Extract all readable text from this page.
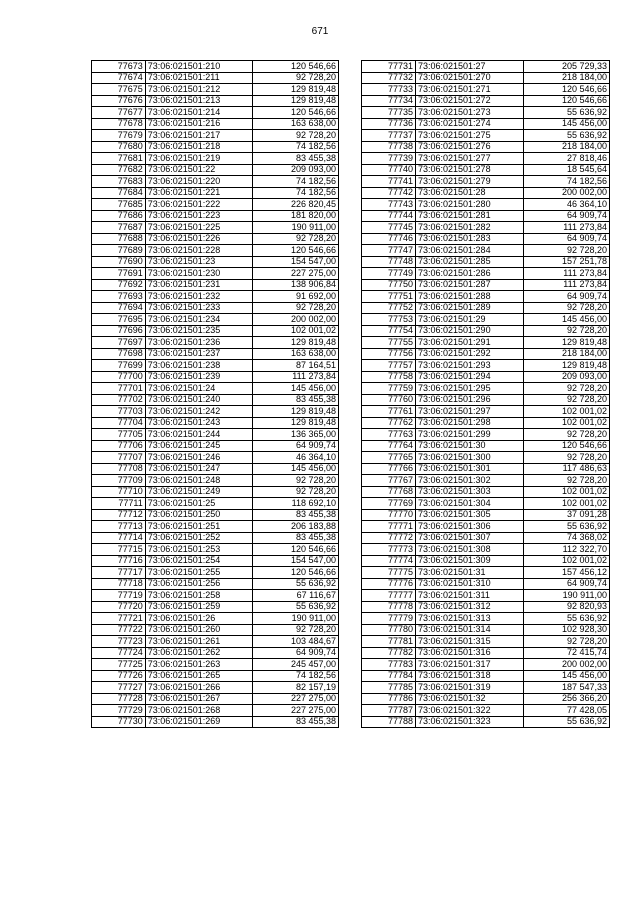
671
77673	73:06:021501:210	120 546,66
77674	73:06:021501:211	92 728,20
77675	73:06:021501:212	129 819,48
77676	73:06:021501:213	129 819,48
77677	73:06:021501:214	120 546,66
77678	73:06:021501:216	163 638,00
77679	73:06:021501:217	92 728,20
77680	73:06:021501:218	74 182,56
77681	73:06:021501:219	83 455,38
77682	73:06:021501:22	209 093,00
77683	73:06:021501:220	74 182,56
77684	73:06:021501:221	74 182,56
77685	73:06:021501:222	226 820,45
77686	73:06:021501:223	181 820,00
77687	73:06:021501:225	190 911,00
77688	73:06:021501:226	92 728,20
77689	73:06:021501:228	120 546,66
77690	73:06:021501:23	154 547,00
77691	73:06:021501:230	227 275,00
77692	73:06:021501:231	138 906,84
77693	73:06:021501:232	91 692,00
77694	73:06:021501:233	92 728,20
77695	73:06:021501:234	200 002,00
77696	73:06:021501:235	102 001,02
77697	73:06:021501:236	129 819,48
77698	73:06:021501:237	163 638,00
77699	73:06:021501:238	87 164,51
77700	73:06:021501:239	111 273,84
77701	73:06:021501:24	145 456,00
77702	73:06:021501:240	83 455,38
77703	73:06:021501:242	129 819,48
77704	73:06:021501:243	129 819,48
77705	73:06:021501:244	136 365,00
77706	73:06:021501:245	64 909,74
77707	73:06:021501:246	46 364,10
77708	73:06:021501:247	145 456,00
77709	73:06:021501:248	92 728,20
77710	73:06:021501:249	92 728,20
77711	73:06:021501:25	118 692,10
77712	73:06:021501:250	83 455,38
77713	73:06:021501:251	206 183,88
77714	73:06:021501:252	83 455,38
77715	73:06:021501:253	120 546,66
77716	73:06:021501:254	154 547,00
77717	73:06:021501:255	120 546,66
77718	73:06:021501:256	55 636,92
77719	73:06:021501:258	67 116,67
77720	73:06:021501:259	55 636,92
77721	73:06:021501:26	190 911,00
77722	73:06:021501:260	92 728,20
77723	73:06:021501:261	103 484,67
77724	73:06:021501:262	64 909,74
77725	73:06:021501:263	245 457,00
77726	73:06:021501:265	74 182,56
77727	73:06:021501:266	82 157,19
77728	73:06:021501:267	227 275,00
77729	73:06:021501:268	227 275,00
77730	73:06:021501:269	83 455,38
77731	73:06:021501:27	205 729,33
77732	73:06:021501:270	218 184,00
77733	73:06:021501:271	120 546,66
77734	73:06:021501:272	120 546,66
77735	73:06:021501:273	55 636,92
77736	73:06:021501:274	145 456,00
77737	73:06:021501:275	55 636,92
77738	73:06:021501:276	218 184,00
77739	73:06:021501:277	27 818,46
77740	73:06:021501:278	18 545,64
77741	73:06:021501:279	74 182,56
77742	73:06:021501:28	200 002,00
77743	73:06:021501:280	46 364,10
77744	73:06:021501:281	64 909,74
77745	73:06:021501:282	111 273,84
77746	73:06:021501:283	64 909,74
77747	73:06:021501:284	92 728,20
77748	73:06:021501:285	157 251,78
77749	73:06:021501:286	111 273,84
77750	73:06:021501:287	111 273,84
77751	73:06:021501:288	64 909,74
77752	73:06:021501:289	92 728,20
77753	73:06:021501:29	145 456,00
77754	73:06:021501:290	92 728,20
77755	73:06:021501:291	129 819,48
77756	73:06:021501:292	218 184,00
77757	73:06:021501:293	129 819,48
77758	73:06:021501:294	209 093,00
77759	73:06:021501:295	92 728,20
77760	73:06:021501:296	92 728,20
77761	73:06:021501:297	102 001,02
77762	73:06:021501:298	102 001,02
77763	73:06:021501:299	92 728,20
77764	73:06:021501:30	120 546,66
77765	73:06:021501:300	92 728,20
77766	73:06:021501:301	117 486,63
77767	73:06:021501:302	92 728,20
77768	73:06:021501:303	102 001,02
77769	73:06:021501:304	102 001,02
77770	73:06:021501:305	37 091,28
77771	73:06:021501:306	55 636,92
77772	73:06:021501:307	74 368,02
77773	73:06:021501:308	112 322,70
77774	73:06:021501:309	102 001,02
77775	73:06:021501:31	157 456,12
77776	73:06:021501:310	64 909,74
77777	73:06:021501:311	190 911,00
77778	73:06:021501:312	92 820,93
77779	73:06:021501:313	55 636,92
77780	73:06:021501:314	102 928,30
77781	73:06:021501:315	92 728,20
77782	73:06:021501:316	72 415,74
77783	73:06:021501:317	200 002,00
77784	73:06:021501:318	145 456,00
77785	73:06:021501:319	187 547,33
77786	73:06:021501:32	256 366,20
77787	73:06:021501:322	77 428,05
77788	73:06:021501:323	55 636,92
